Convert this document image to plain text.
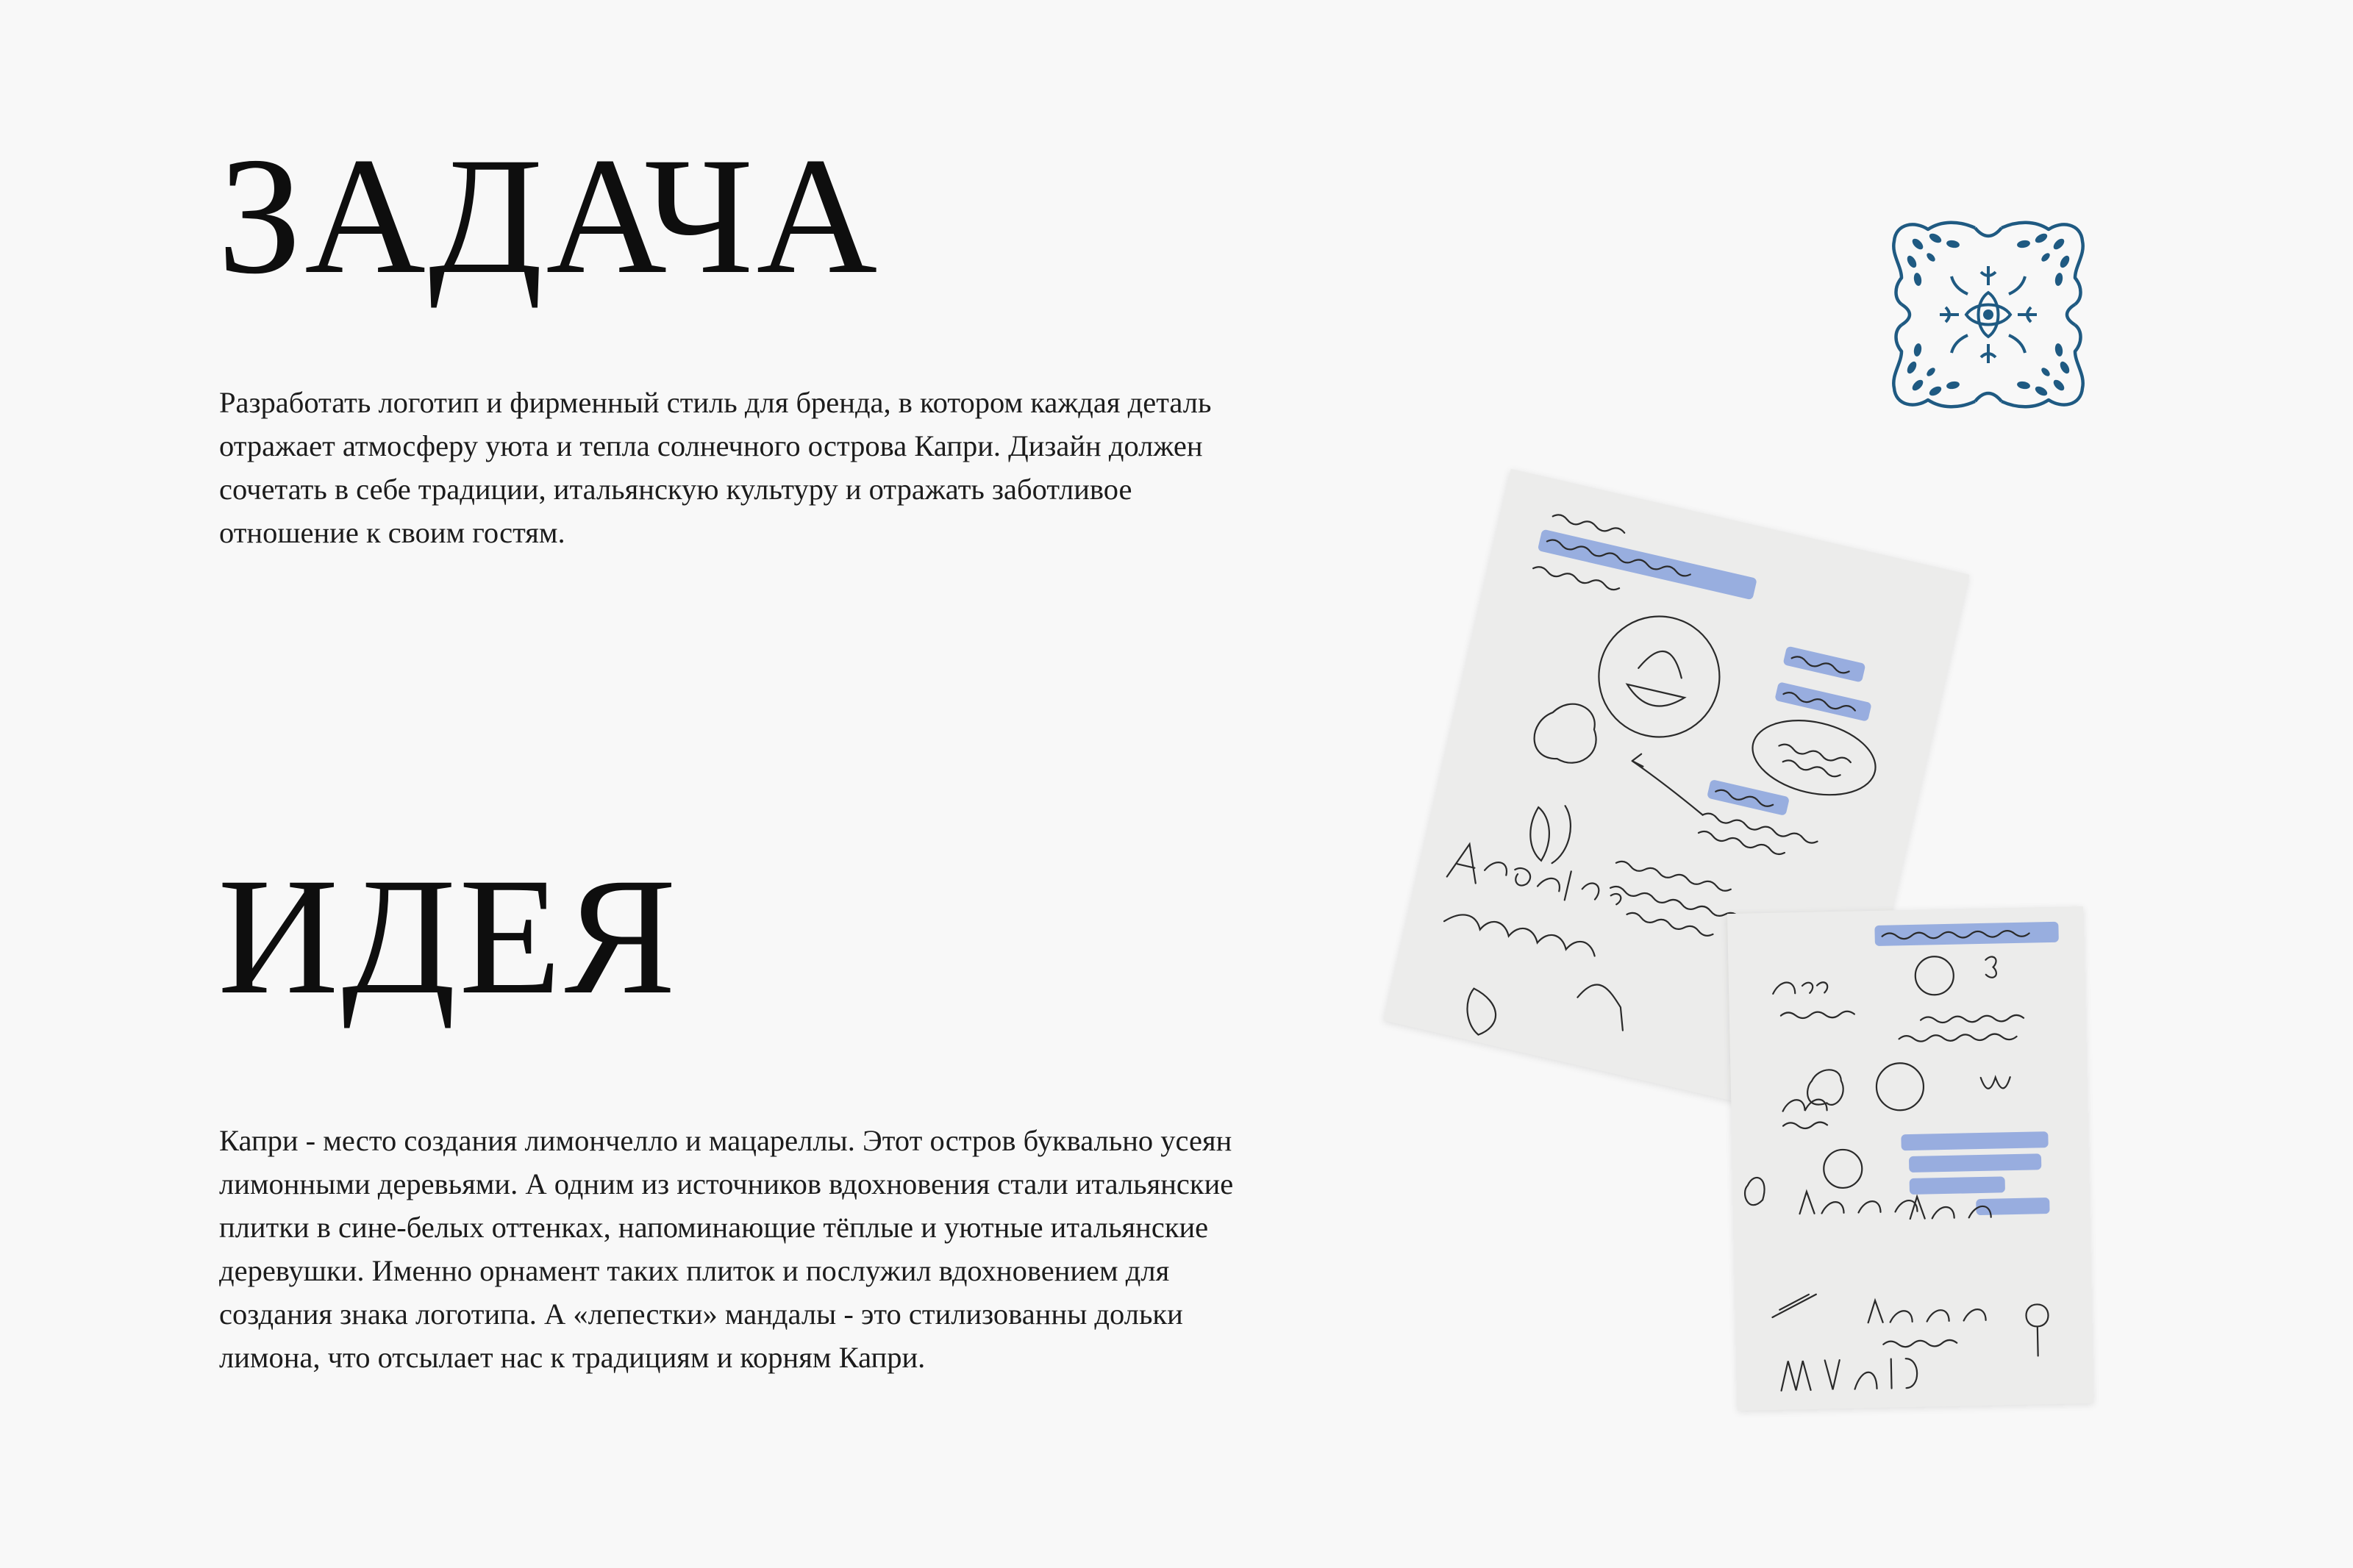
ЗАДАЧА

Разработать логотип и фирменный стиль для бренда, в котором каждая деталь
отражает атмосферу уюта и тепла солнечного острова Капри. Дизайн должен
сочетать в себе традиции, итальянскую культуру и отражать заботливое
отношение к своим гостям.

ИДЕЯ

Капри - место создания лимончелло и мацареллы. Этот остров буквально усеян
лимонными деревьями. А одним из источников вдохновения стали итальянские
плитки в сине-белых оттенках, напоминающие тёплые и уютные итальянские
деревушки. Именно орнамент таких плиток и послужил вдохновением для
создания знака логотипа. А «лепестки» мандалы - это стилизованны дольки
лимона, что отсылает нас к традициям и корням Капри.
